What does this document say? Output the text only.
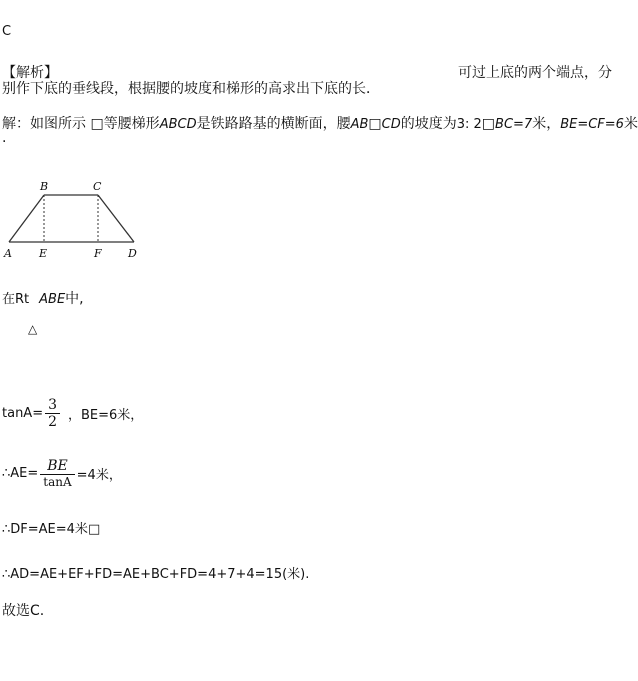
C
【解析】	可过上底的两个端点，分
别作下底的垂线段，根据腰的坡度和梯形的高求出下底的长．
解：如图所示 □等腰梯形ABCD是铁路路基的横断面，腰AB□CD的坡度为3: 2□BC=7米，BE=CF=6米
.
B	C
A E	F D
在Rt ABE中,
△
$\tan A= \frac{3}{2}$ ，BE=6米，
∴AE= $\frac{BE}{\tan A} =4$米，
∴DF=AE=4米□
∴AD=AE+EF+FD=AE+BC+FD=4+7+4=15(米).
故选C.
